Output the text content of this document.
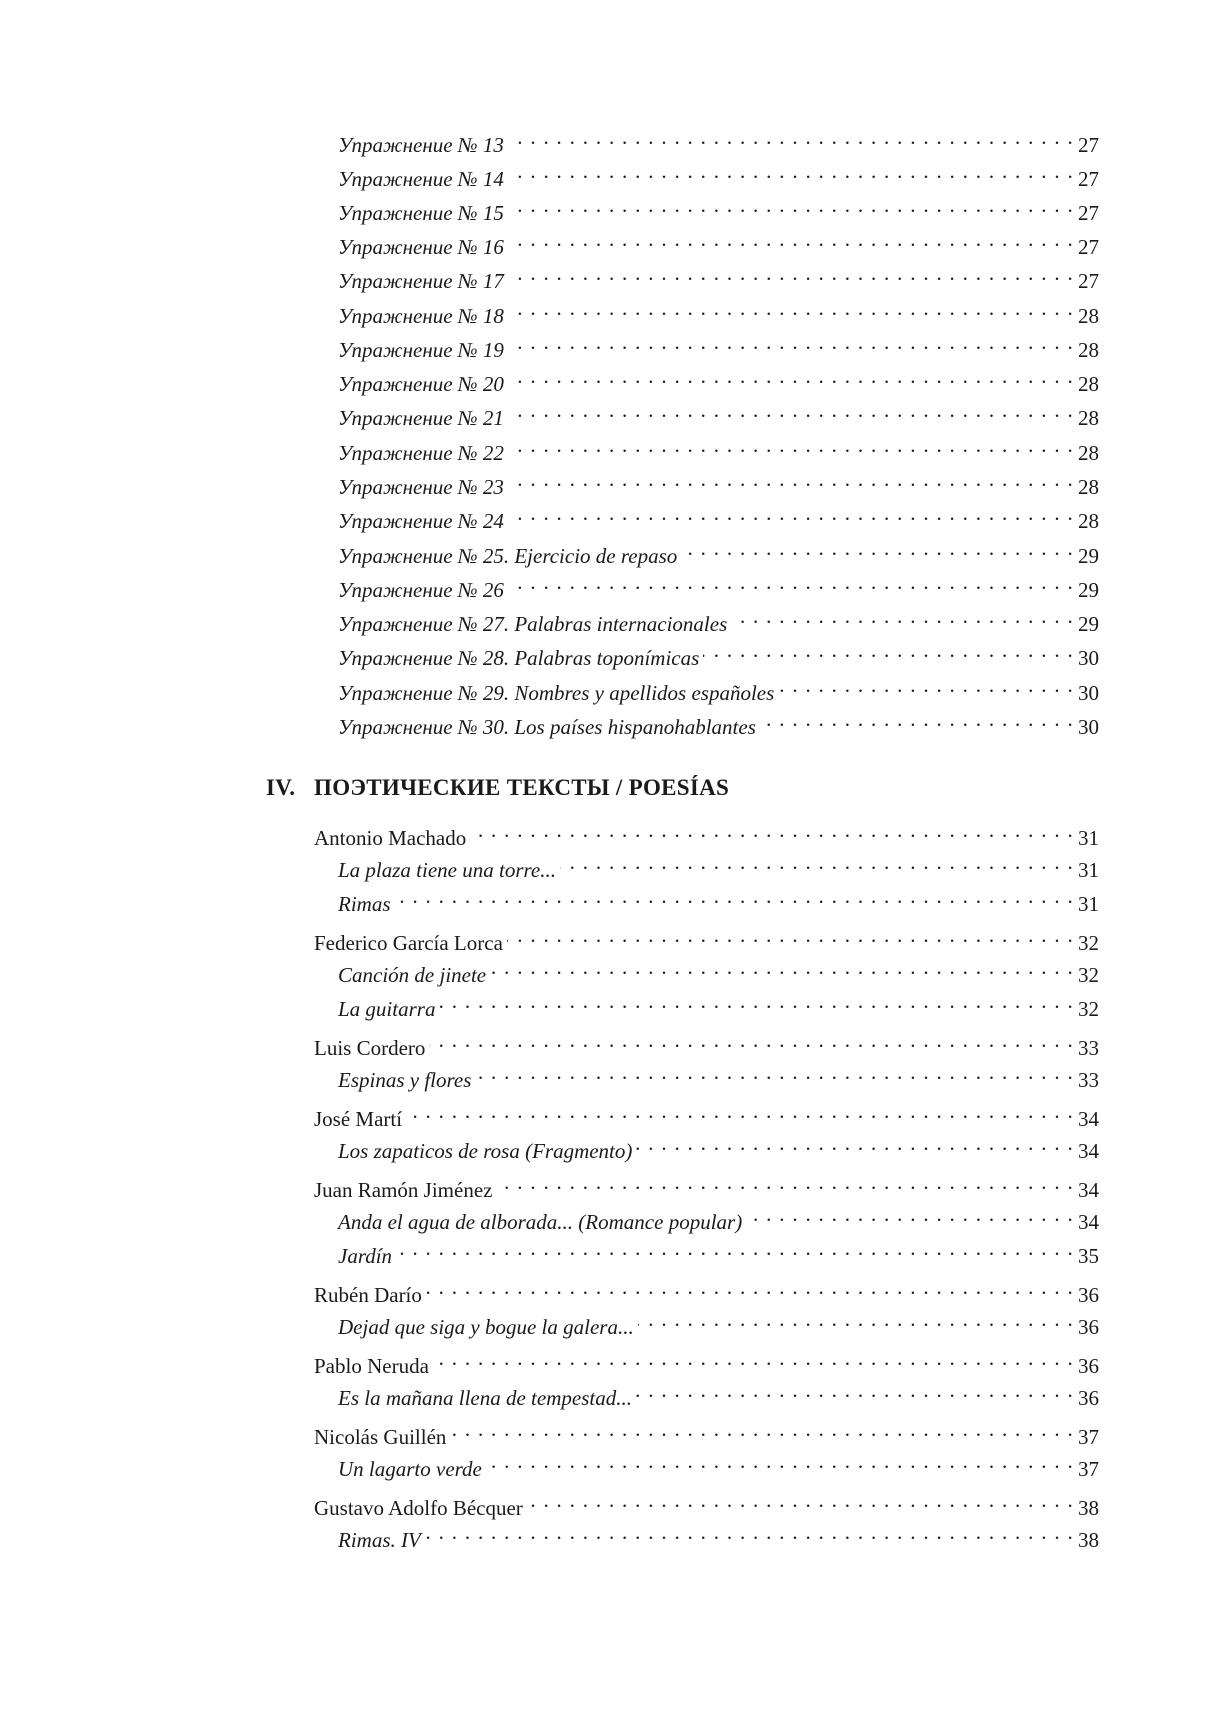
Упражнение № 13 . . .	27
Упражнение № 14 . . .	27
Упражнение № 15 . . .	27
Упражнение № 16 . . .	27
Упражнение № 17 . . .	27
Упражнение № 18 . . .	28
Упражнение № 19 . . .	28
Упражнение № 20 . . .	28
Упражнение № 21 . . .	28
Упражнение № 22 . . .	28
Упражнение № 23 . . .	28
Упражнение № 24 . . .	28
Упражнение № 25. Ejercicio de repaso . . .	29
Упражнение № 26 . . .	29
Упражнение № 27. Palabras internacionales . . .	29
Упражнение № 28. Palabras toponímicas . . .	30
Упражнение № 29. Nombres y apellidos españoles . . .	30
Упражнение № 30. Los países hispanohablantes . . .	30
IV. ПОЭТИЧЕСКИЕ ТЕКСТЫ / POESÍAS
Antonio Machado . . .	31
La plaza tiene una torre... . . .	31
Rimas . . .	31
Federico García Lorca . . .	32
Canción de jinete . . .	32
La guitarra . . .	32
Luis Cordero . . .	33
Espinas y flores . . .	33
José Martí . . .	34
Los zapaticos de rosa (Fragmento) . . .	34
Juan Ramón Jiménez . . .	34
Anda el agua de alborada... (Romance popular) . . .	34
Jardín . . .	35
Rubén Darío . . .	36
Dejad que siga y bogue la galera... . . .	36
Pablo Neruda . . .	36
Es la mañana llena de tempestad... . . .	36
Nicolás Guillén . . .	37
Un lagarto verde . . .	37
Gustavo Adolfo Bécquer . . .	38
Rimas. IV . . .	38
